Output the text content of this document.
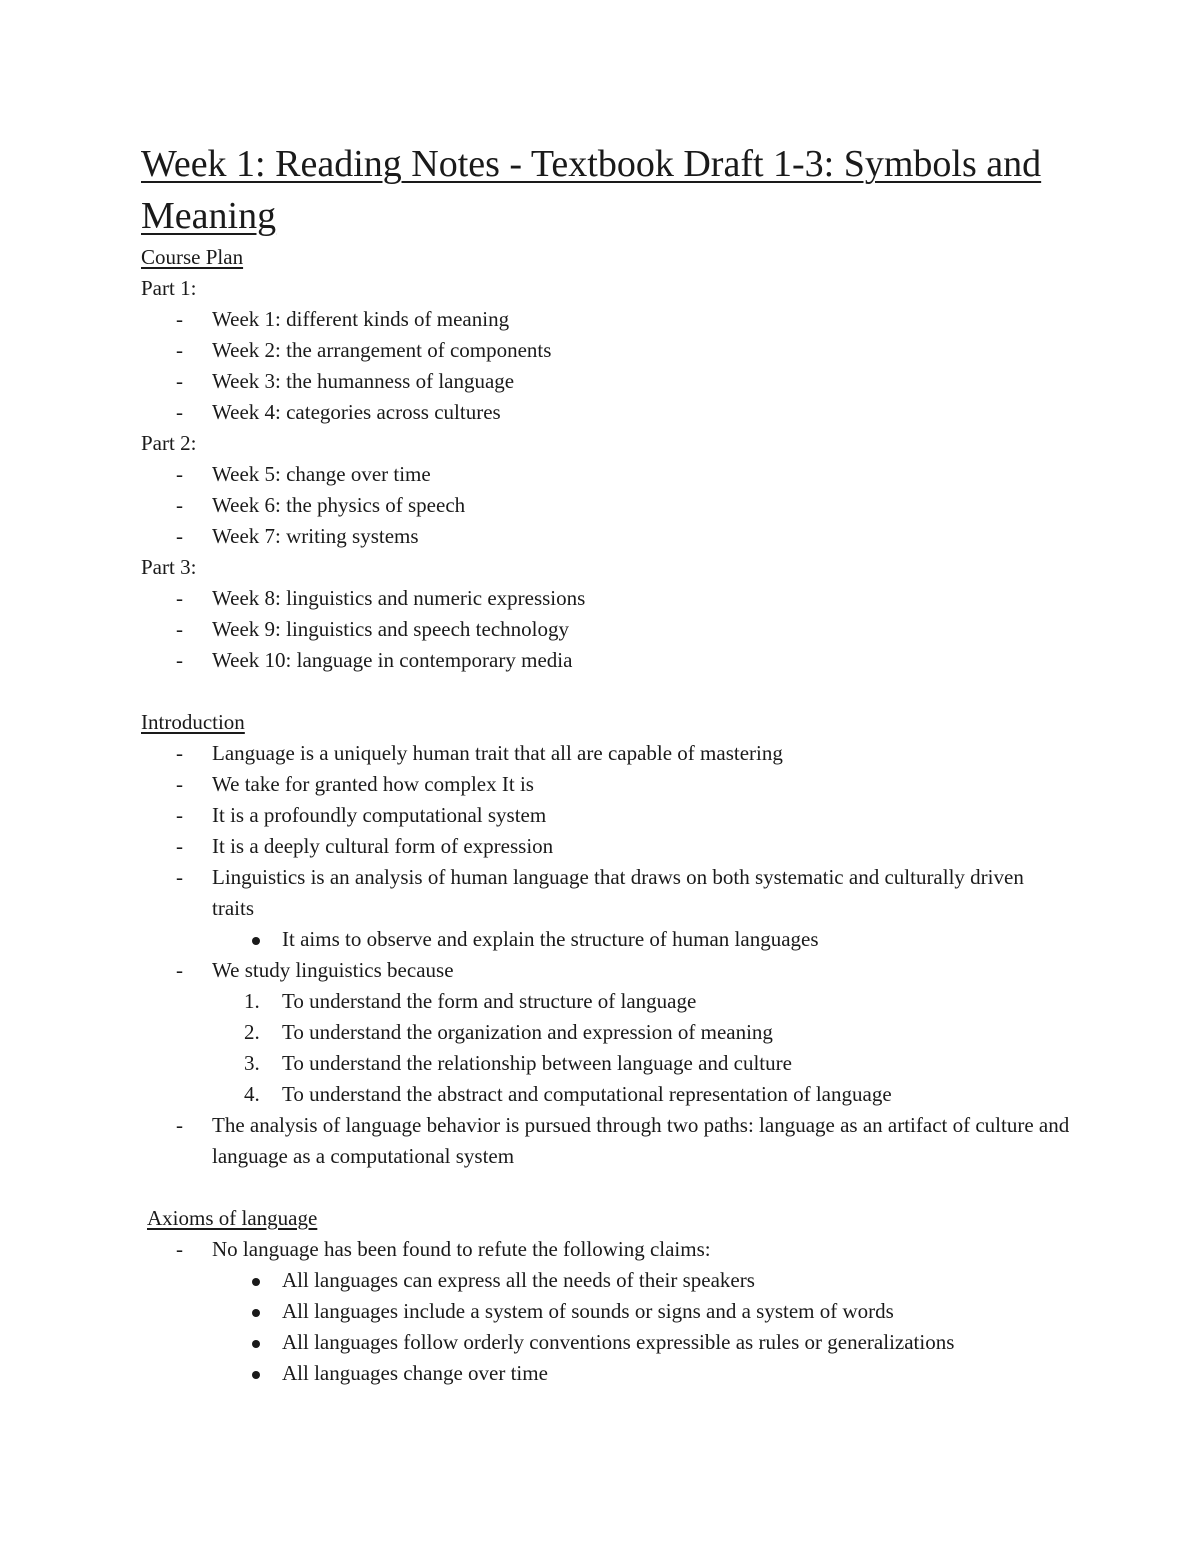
Week 1: Reading Notes - Textbook Draft 1-3: Symbols and Meaning
Course Plan
Part 1:
- Week 1: different kinds of meaning
- Week 2: the arrangement of components
- Week 3: the humanness of language
- Week 4: categories across cultures
Part 2:
- Week 5: change over time
- Week 6: the physics of speech
- Week 7: writing systems
Part 3:
- Week 8: linguistics and numeric expressions
- Week 9: linguistics and speech technology
- Week 10: language in contemporary media
Introduction
- Language is a uniquely human trait that all are capable of mastering
- We take for granted how complex It is
- It is a profoundly computational system
- It is a deeply cultural form of expression
- Linguistics is an analysis of human language that draws on both systematic and culturally driven traits
It aims to observe and explain the structure of human languages
- We study linguistics because
1. To understand the form and structure of language
2. To understand the organization and expression of meaning
3. To understand the relationship between language and culture
4. To understand the abstract and computational representation of language
- The analysis of language behavior is pursued through two paths: language as an artifact of culture and language as a computational system
Axioms of language
- No language has been found to refute the following claims:
All languages can express all the needs of their speakers
All languages include a system of sounds or signs and a system of words
All languages follow orderly conventions expressible as rules or generalizations
All languages change over time
